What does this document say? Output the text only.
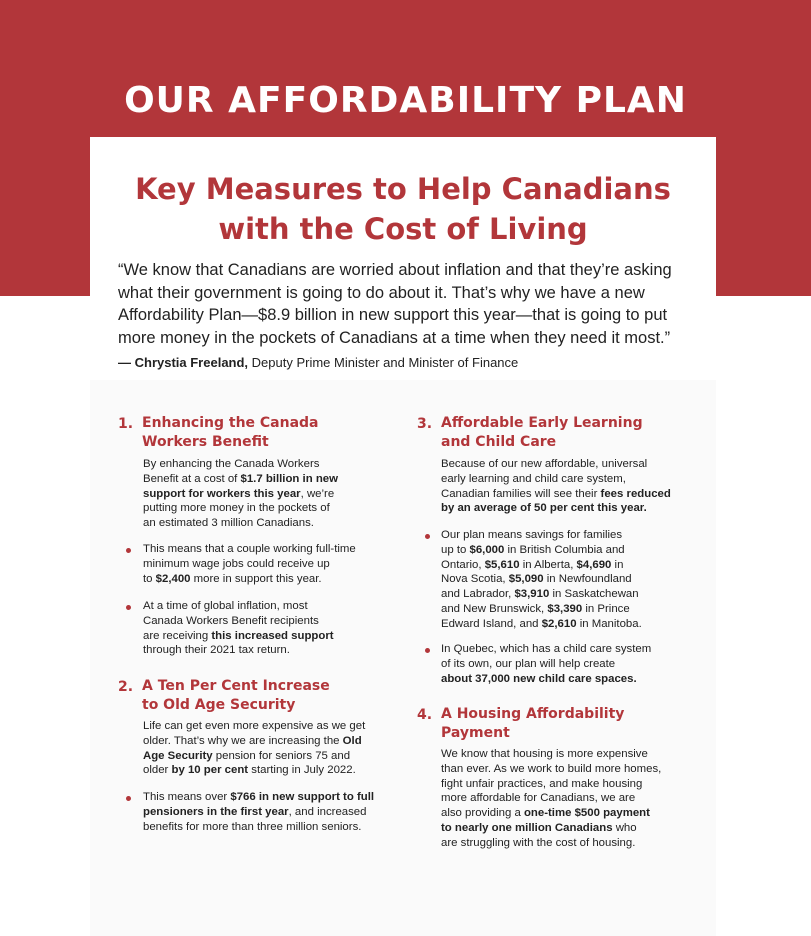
OUR AFFORDABILITY PLAN
Key Measures to Help Canadians
with the Cost of Living
“We know that Canadians are worried about inflation and that they’re asking
what their government is going to do about it. That’s why we have a new
Affordability Plan—$8.9 billion in new support this year—that is going to put
more money in the pockets of Canadians at a time when they need it most.”
— Chrystia Freeland, Deputy Prime Minister and Minister of Finance
1. Enhancing the Canada
Workers Benefit
By enhancing the Canada Workers
Benefit at a cost of $1.7 billion in new
support for workers this year, we’re
putting more money in the pockets of
an estimated 3 million Canadians.
This means that a couple working full-time
minimum wage jobs could receive up
to $2,400 more in support this year.
At a time of global inflation, most
Canada Workers Benefit recipients
are receiving this increased support
through their 2021 tax return.
2. A Ten Per Cent Increase
to Old Age Security
Life can get even more expensive as we get
older. That’s why we are increasing the Old
Age Security pension for seniors 75 and
older by 10 per cent starting in July 2022.
This means over $766 in new support to full
pensioners in the first year, and increased
benefits for more than three million seniors.
3. Affordable Early Learning
and Child Care
Because of our new affordable, universal
early learning and child care system,
Canadian families will see their fees reduced
by an average of 50 per cent this year.
Our plan means savings for families
up to $6,000 in British Columbia and
Ontario, $5,610 in Alberta, $4,690 in
Nova Scotia, $5,090 in Newfoundland
and Labrador, $3,910 in Saskatchewan
and New Brunswick, $3,390 in Prince
Edward Island, and $2,610 in Manitoba.
In Quebec, which has a child care system
of its own, our plan will help create
about 37,000 new child care spaces.
4. A Housing Affordability
Payment
We know that housing is more expensive
than ever. As we work to build more homes,
fight unfair practices, and make housing
more affordable for Canadians, we are
also providing a one-time $500 payment
to nearly one million Canadians who
are struggling with the cost of housing.
